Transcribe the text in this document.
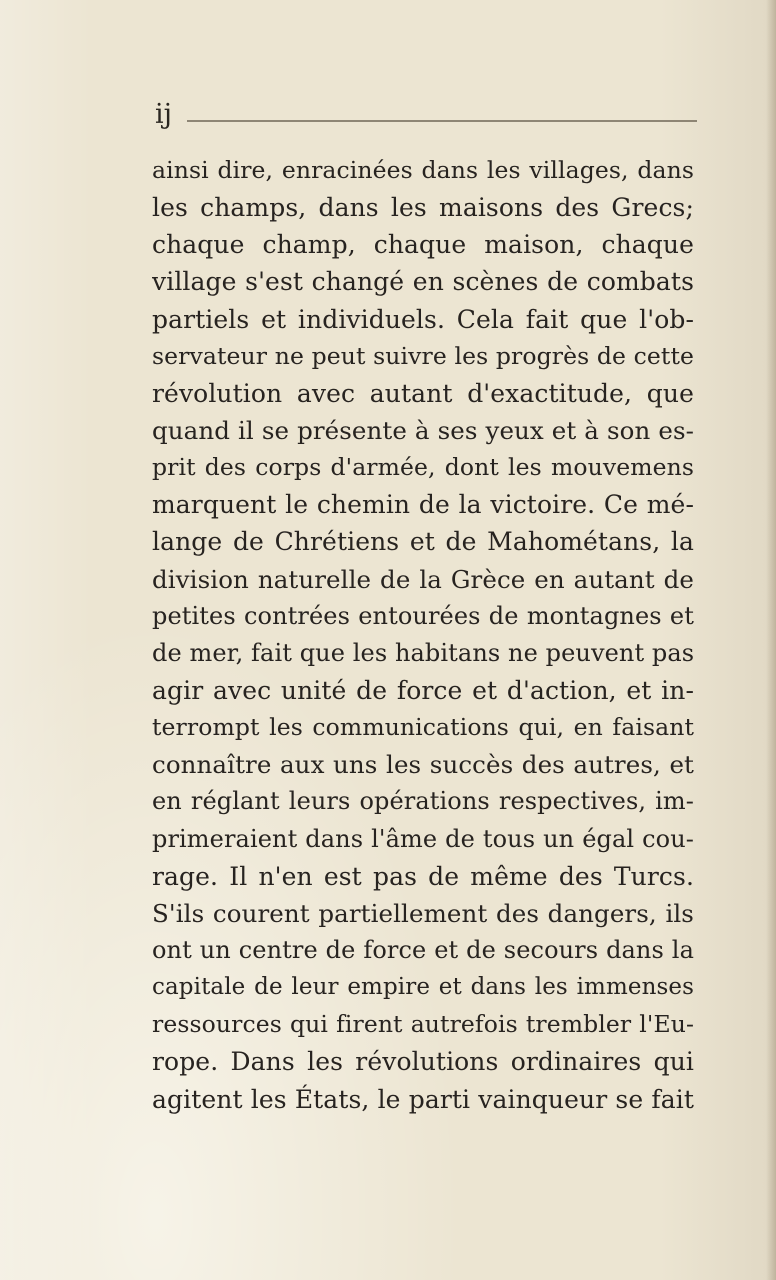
ij
ainsi dire, enracinées dans les villages, dans
les champs, dans les maisons des Grecs;
chaque champ, chaque maison, chaque
village s'est changé en scènes de combats
partiels et individuels. Cela fait que l'ob-
servateur ne peut suivre les progrès de cette
révolution avec autant d'exactitude, que
quand il se présente à ses yeux et à son es-
prit des corps d'armée, dont les mouvemens
marquent le chemin de la victoire. Ce mé-
lange de Chrétiens et de Mahométans, la
division naturelle de la Grèce en autant de
petites contrées entourées de montagnes et
de mer, fait que les habitans ne peuvent pas
agir avec unité de force et d'action, et in-
terrompt les communications qui, en faisant
connaître aux uns les succès des autres, et
en réglant leurs opérations respectives, im-
primeraient dans l'âme de tous un égal cou-
rage. Il n'en est pas de même des Turcs.
S'ils courent partiellement des dangers, ils
ont un centre de force et de secours dans la
capitale de leur empire et dans les immenses
ressources qui firent autrefois trembler l'Eu-
rope. Dans les révolutions ordinaires qui
agitent les États, le parti vainqueur se fait
